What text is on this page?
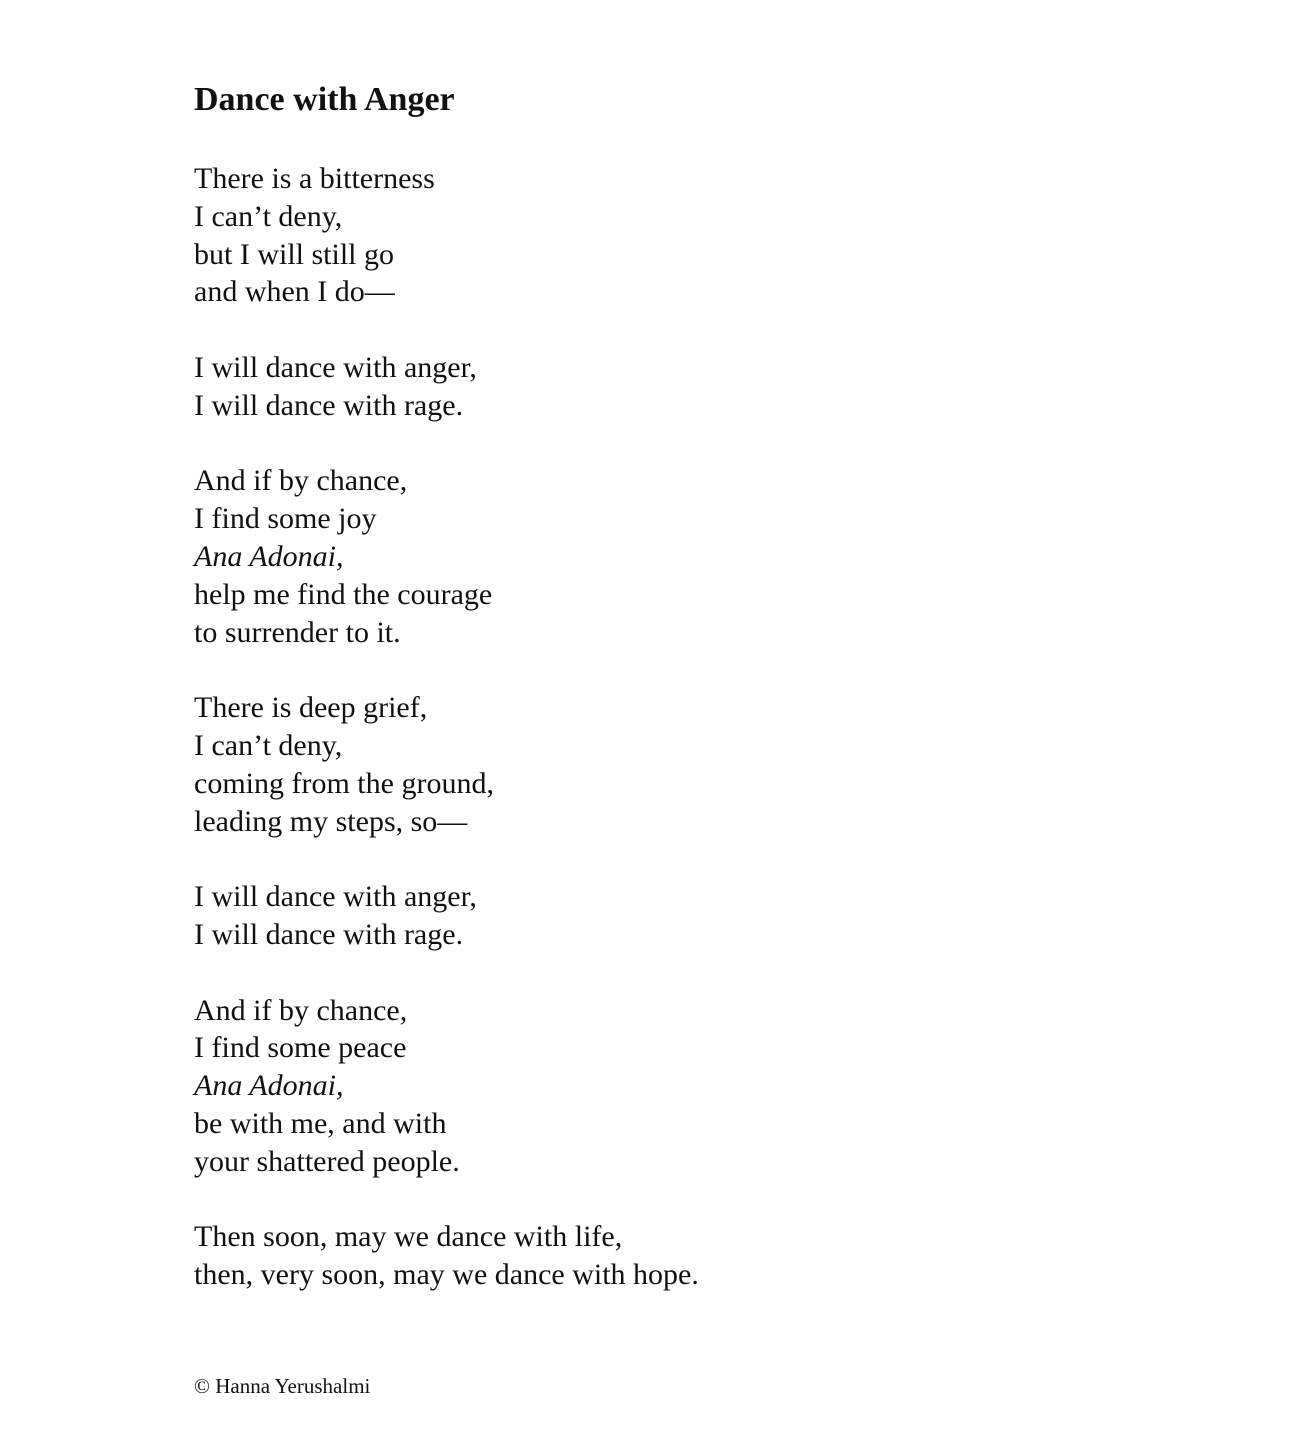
Dance with Anger
There is a bitterness
I can’t deny,
but I will still go
and when I do—
I will dance with anger,
I will dance with rage.
And if by chance,
I find some joy
Ana Adonai,
help me find the courage
to surrender to it.
There is deep grief,
I can’t deny,
coming from the ground,
leading my steps, so—
I will dance with anger,
I will dance with rage.
And if by chance,
I find some peace
Ana Adonai,
be with me, and with
your shattered people.
Then soon, may we dance with life,
then, very soon, may we dance with hope.
© Hanna Yerushalmi
